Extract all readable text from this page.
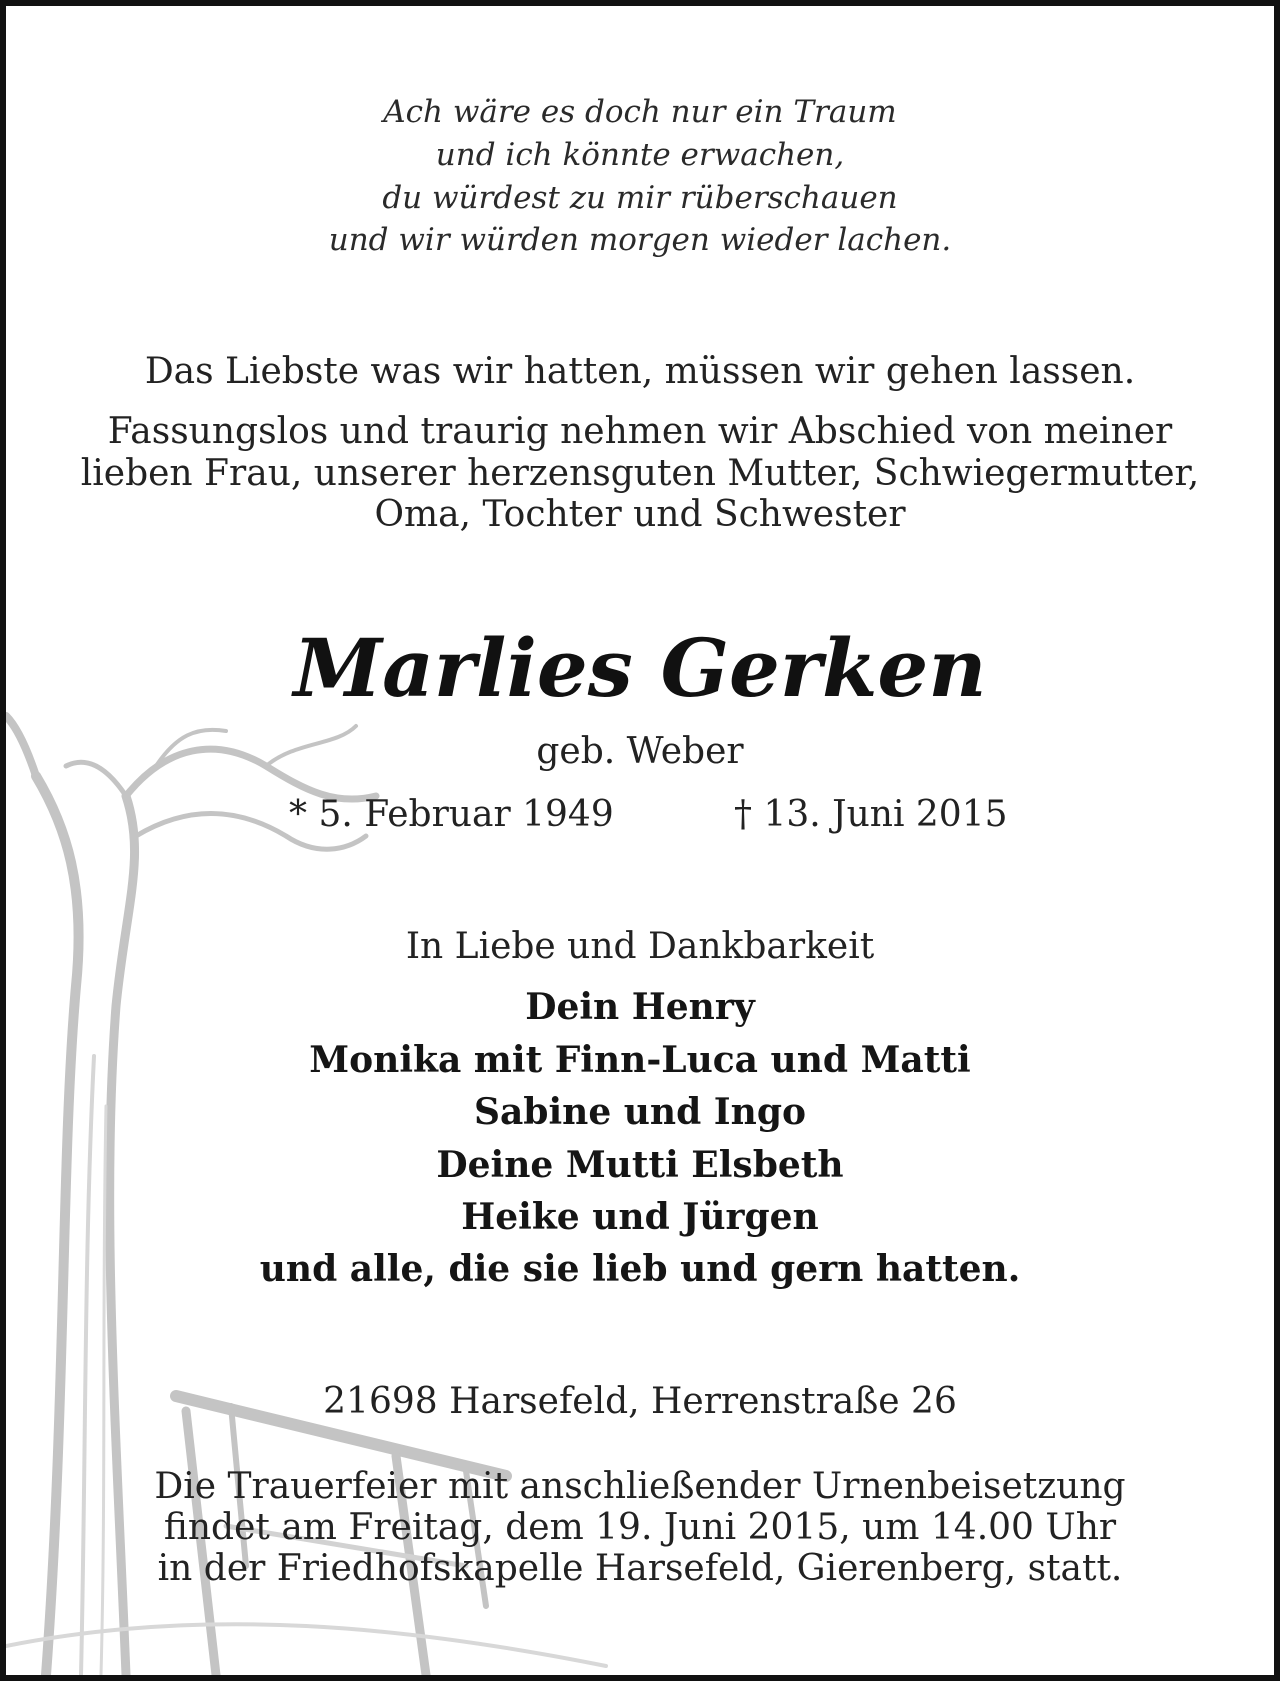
Ach wäre es doch nur ein Traum
und ich könnte erwachen,
du würdest zu mir rüberschauen
und wir würden morgen wieder lachen.
Das Liebste was wir hatten, müssen wir gehen lassen.
Fassungslos und traurig nehmen wir Abschied von meiner
lieben Frau, unserer herzensguten Mutter, Schwiegermutter,
Oma, Tochter und Schwester
Marlies Gerken
geb. Weber
* 5. Februar 1949	† 13. Juni 2015
In Liebe und Dankbarkeit
Dein Henry
Monika mit Finn-Luca und Matti
Sabine und Ingo
Deine Mutti Elsbeth
Heike und Jürgen
und alle, die sie lieb und gern hatten.
21698 Harsefeld, Herrenstraße 26
Die Trauerfeier mit anschließender Urnenbeisetzung
findet am Freitag, dem 19. Juni 2015, um 14.00 Uhr
in der Friedhofskapelle Harsefeld, Gierenberg, statt.
